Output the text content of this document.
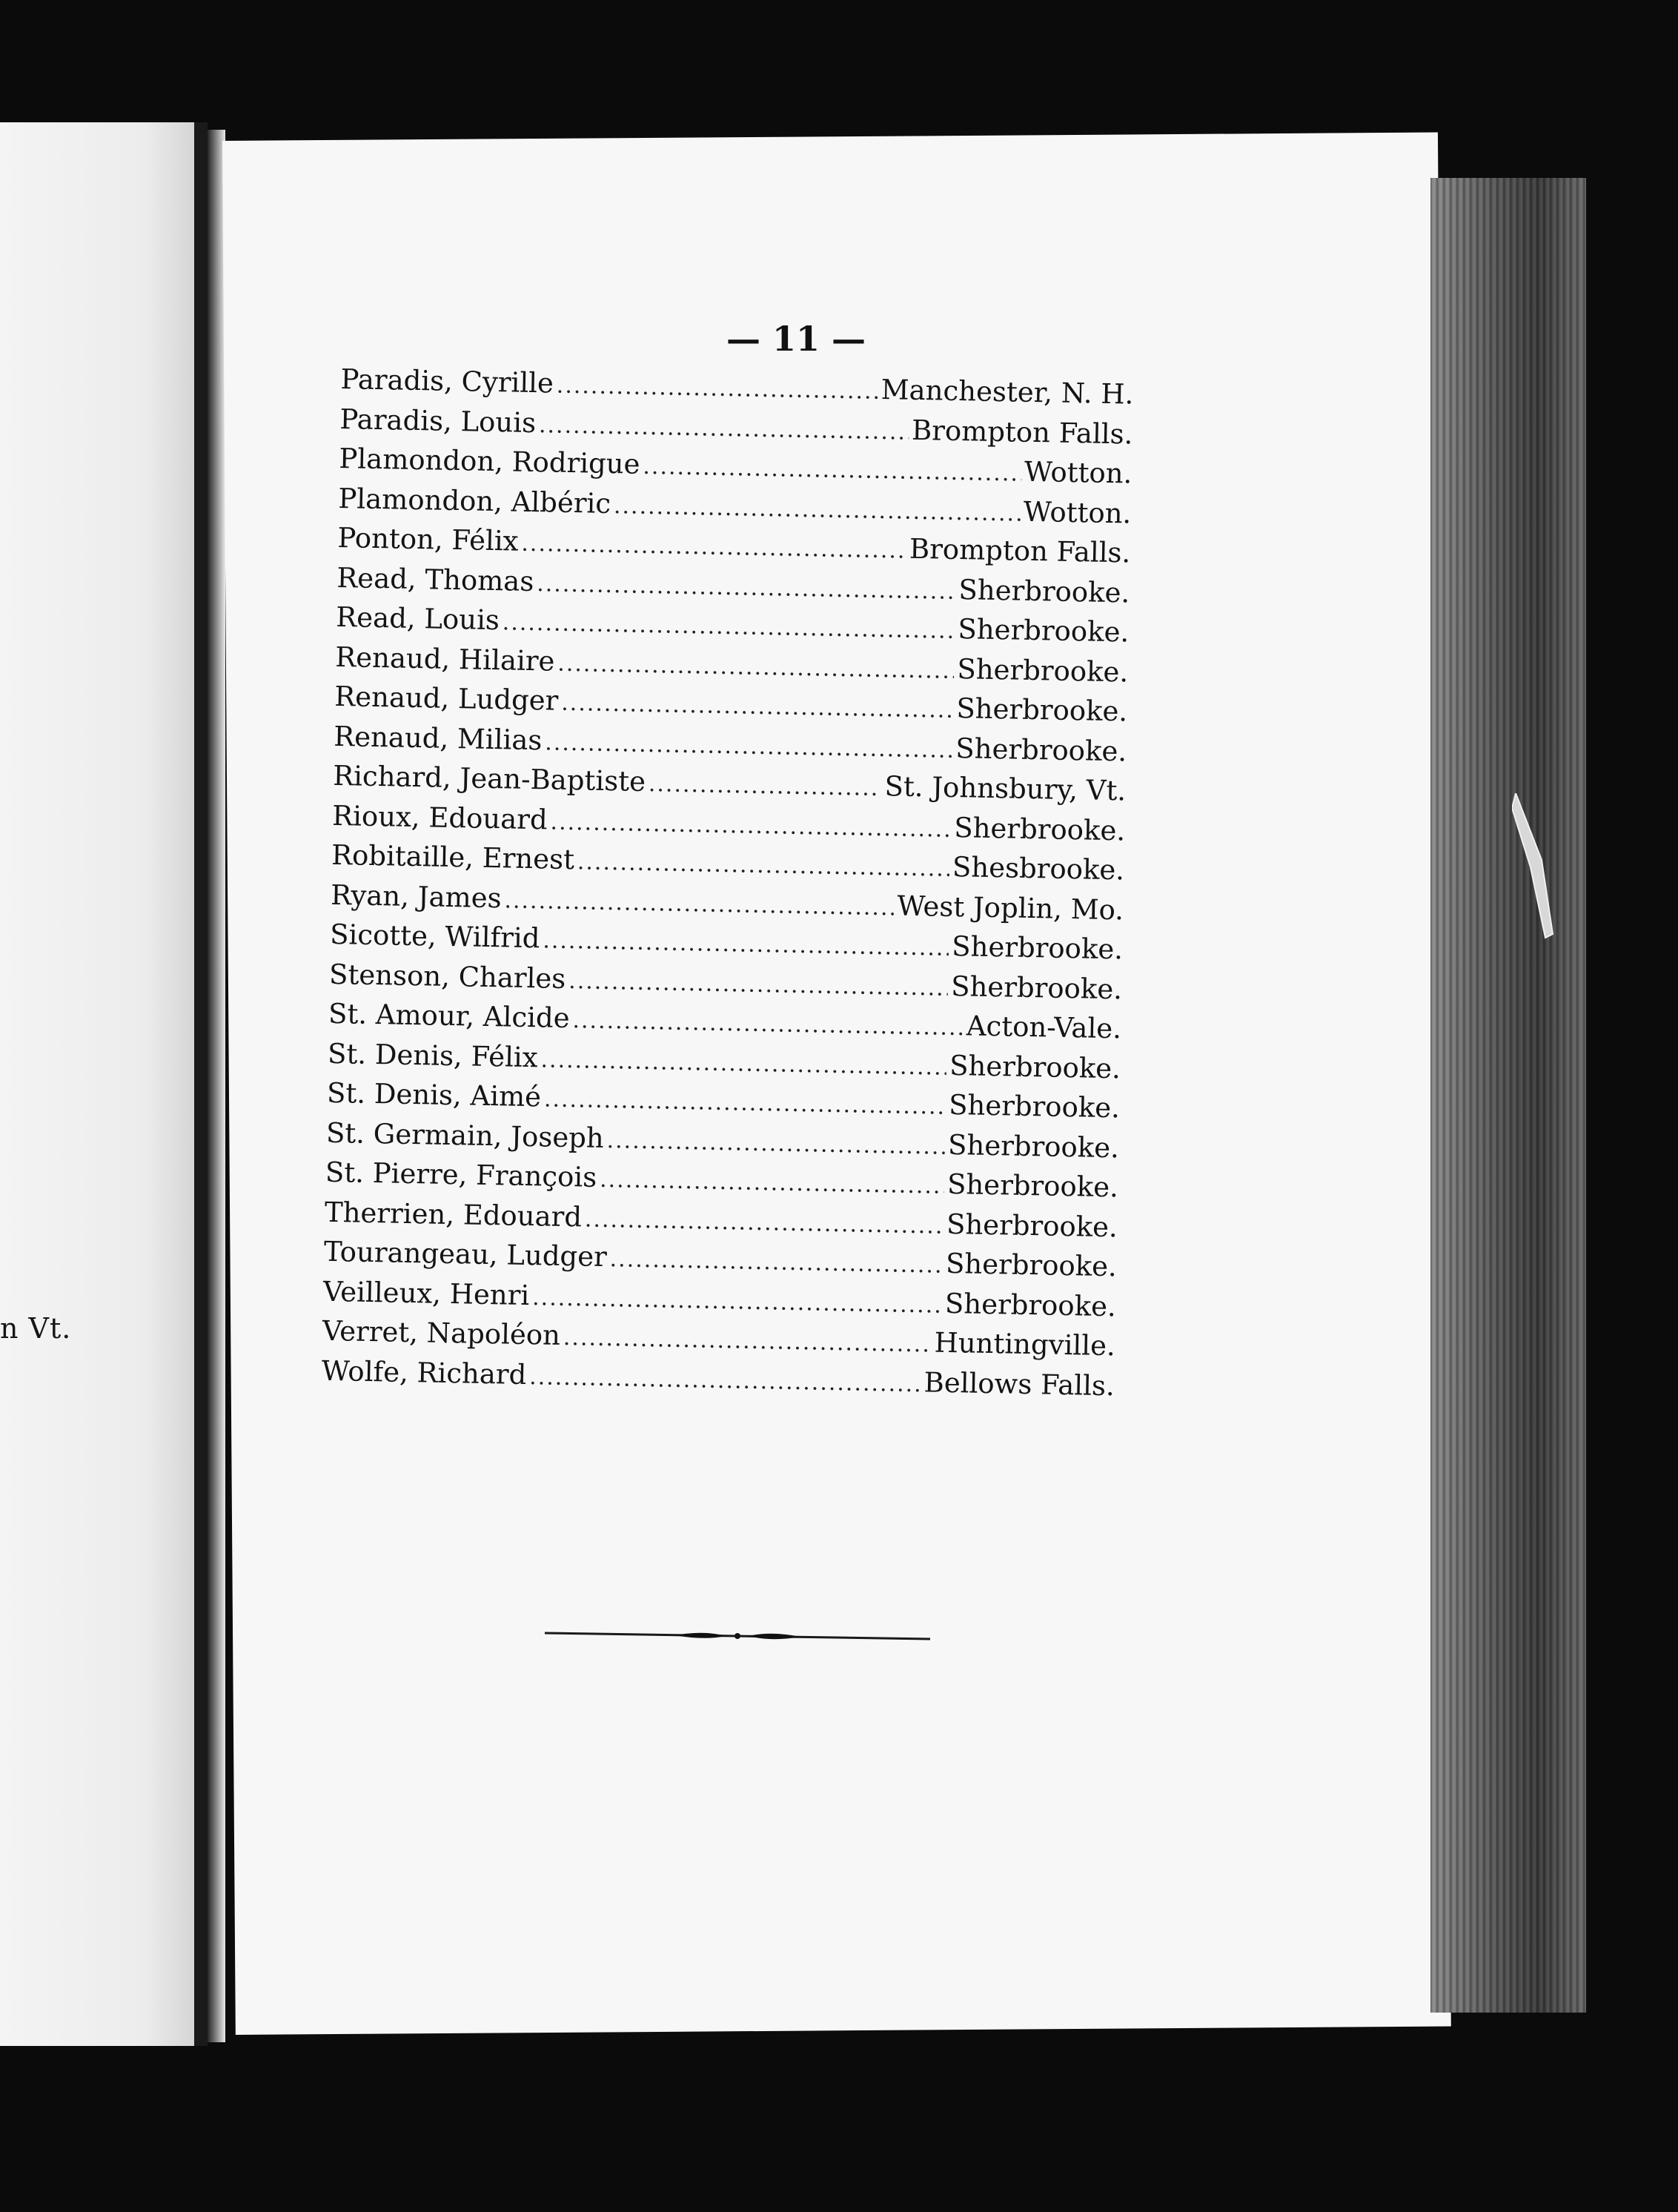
n Vt.
— 11 —
Paradis, Cyrille .....	Manchester, N. H.
Paradis, Louis .....	Brompton Falls.
Plamondon, Rodrigue .....	Wotton.
Plamondon, Albéric .....	Wotton.
Ponton, Félix .....	Brompton Falls.
Read, Thomas .....	Sherbrooke.
Read, Louis .....	Sherbrooke.
Renaud, Hilaire .....	Sherbrooke.
Renaud, Ludger .....	Sherbrooke.
Renaud, Milias .....	Sherbrooke.
Richard, Jean-Baptiste .....	St. Johnsbury, Vt.
Rioux, Edouard .....	Sherbrooke.
Robitaille, Ernest .....	Shesbrooke.
Ryan, James .....	West Joplin, Mo.
Sicotte, Wilfrid .....	Sherbrooke.
Stenson, Charles .....	Sherbrooke.
St. Amour, Alcide .....	Acton-Vale.
St. Denis, Félix .....	Sherbrooke.
St. Denis, Aimé .....	Sherbrooke.
St. Germain, Joseph .....	Sherbrooke.
St. Pierre, François .....	Sherbrooke.
Therrien, Edouard .....	Sherbrooke.
Tourangeau, Ludger .....	Sherbrooke.
Veilleux, Henri .....	Sherbrooke.
Verret, Napoléon .....	Huntingville.
Wolfe, Richard .....	Bellows Falls.
